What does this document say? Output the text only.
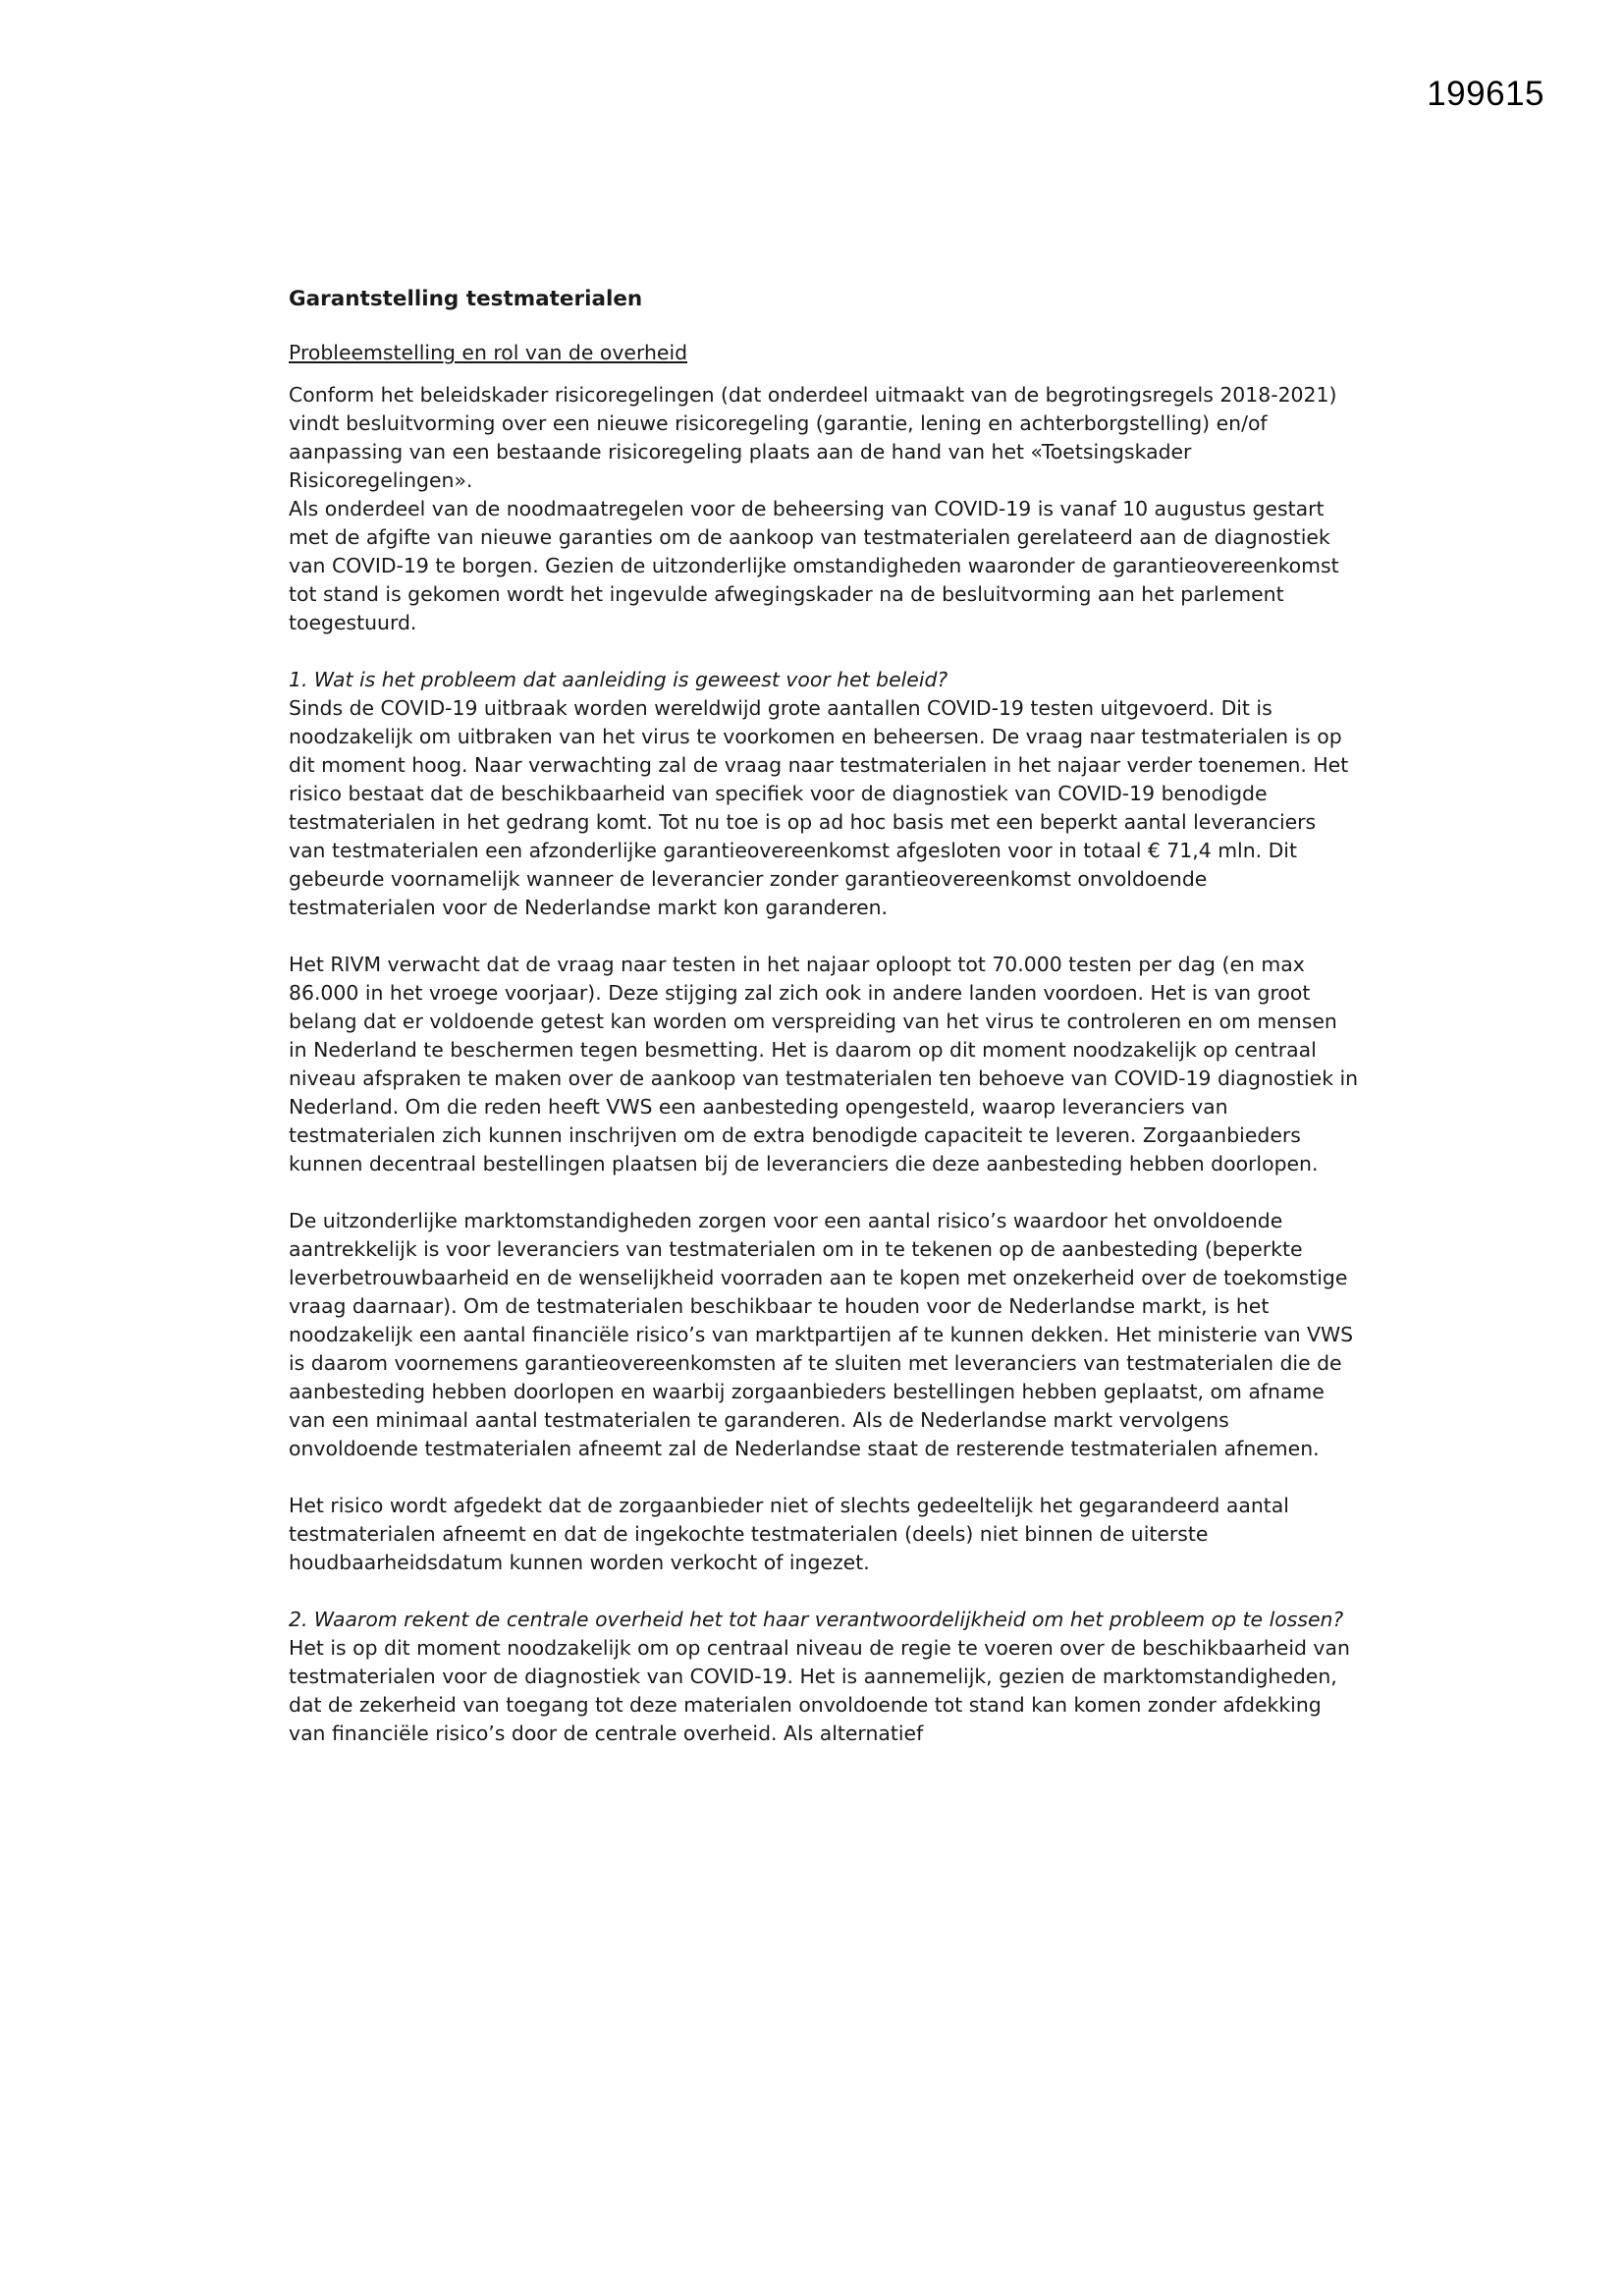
199615

Garantstelling testmaterialen

Probleemstelling en rol van de overheid

Conform het beleidskader risicoregelingen (dat onderdeel uitmaakt van de begrotingsregels 2018-2021) vindt besluitvorming over een nieuwe risicoregeling (garantie, lening en achterborgstelling) en/of aanpassing van een bestaande risicoregeling plaats aan de hand van het «Toetsingskader Risicoregelingen».

Als onderdeel van de noodmaatregelen voor de beheersing van COVID-19 is vanaf 10 augustus gestart met de afgifte van nieuwe garanties om de aankoop van testmaterialen gerelateerd aan de diagnostiek van COVID-19 te borgen. Gezien de uitzonderlijke omstandigheden waaronder de garantieovereenkomst tot stand is gekomen wordt het ingevulde afwegingskader na de besluitvorming aan het parlement toegestuurd.

1. Wat is het probleem dat aanleiding is geweest voor het beleid?

Sinds de COVID-19 uitbraak worden wereldwijd grote aantallen COVID-19 testen uitgevoerd. Dit is noodzakelijk om uitbraken van het virus te voorkomen en beheersen. De vraag naar testmaterialen is op dit moment hoog. Naar verwachting zal de vraag naar testmaterialen in het najaar verder toenemen. Het risico bestaat dat de beschikbaarheid van specifiek voor de diagnostiek van COVID-19 benodigde testmaterialen in het gedrang komt. Tot nu toe is op ad hoc basis met een beperkt aantal leveranciers van testmaterialen een afzonderlijke garantieovereenkomst afgesloten voor in totaal € 71,4 mln. Dit gebeurde voornamelijk wanneer de leverancier zonder garantieovereenkomst onvoldoende testmaterialen voor de Nederlandse markt kon garanderen.

Het RIVM verwacht dat de vraag naar testen in het najaar oploopt tot 70.000 testen per dag (en max 86.000 in het vroege voorjaar). Deze stijging zal zich ook in andere landen voordoen. Het is van groot belang dat er voldoende getest kan worden om verspreiding van het virus te controleren en om mensen in Nederland te beschermen tegen besmetting. Het is daarom op dit moment noodzakelijk op centraal niveau afspraken te maken over de aankoop van testmaterialen ten behoeve van COVID-19 diagnostiek in Nederland. Om die reden heeft VWS een aanbesteding opengesteld, waarop leveranciers van testmaterialen zich kunnen inschrijven om de extra benodigde capaciteit te leveren. Zorgaanbieders kunnen decentraal bestellingen plaatsen bij de leveranciers die deze aanbesteding hebben doorlopen.

De uitzonderlijke marktomstandigheden zorgen voor een aantal risico’s waardoor het onvoldoende aantrekkelijk is voor leveranciers van testmaterialen om in te tekenen op de aanbesteding (beperkte leverbetrouwbaarheid en de wenselijkheid voorraden aan te kopen met onzekerheid over de toekomstige vraag daarnaar). Om de testmaterialen beschikbaar te houden voor de Nederlandse markt, is het noodzakelijk een aantal financiële risico’s van marktpartijen af te kunnen dekken. Het ministerie van VWS is daarom voornemens garantieovereenkomsten af te sluiten met leveranciers van testmaterialen die de aanbesteding hebben doorlopen en waarbij zorgaanbieders bestellingen hebben geplaatst, om afname van een minimaal aantal testmaterialen te garanderen. Als de Nederlandse markt vervolgens onvoldoende testmaterialen afneemt zal de Nederlandse staat de resterende testmaterialen afnemen.

Het risico wordt afgedekt dat de zorgaanbieder niet of slechts gedeeltelijk het gegarandeerd aantal testmaterialen afneemt en dat de ingekochte testmaterialen (deels) niet binnen de uiterste houdbaarheidsdatum kunnen worden verkocht of ingezet.

2. Waarom rekent de centrale overheid het tot haar verantwoordelijkheid om het probleem op te lossen?

Het is op dit moment noodzakelijk om op centraal niveau de regie te voeren over de beschikbaarheid van testmaterialen voor de diagnostiek van COVID-19. Het is aannemelijk, gezien de marktomstandigheden, dat de zekerheid van toegang tot deze materialen onvoldoende tot stand kan komen zonder afdekking van financiële risico’s door de centrale overheid. Als alternatief
